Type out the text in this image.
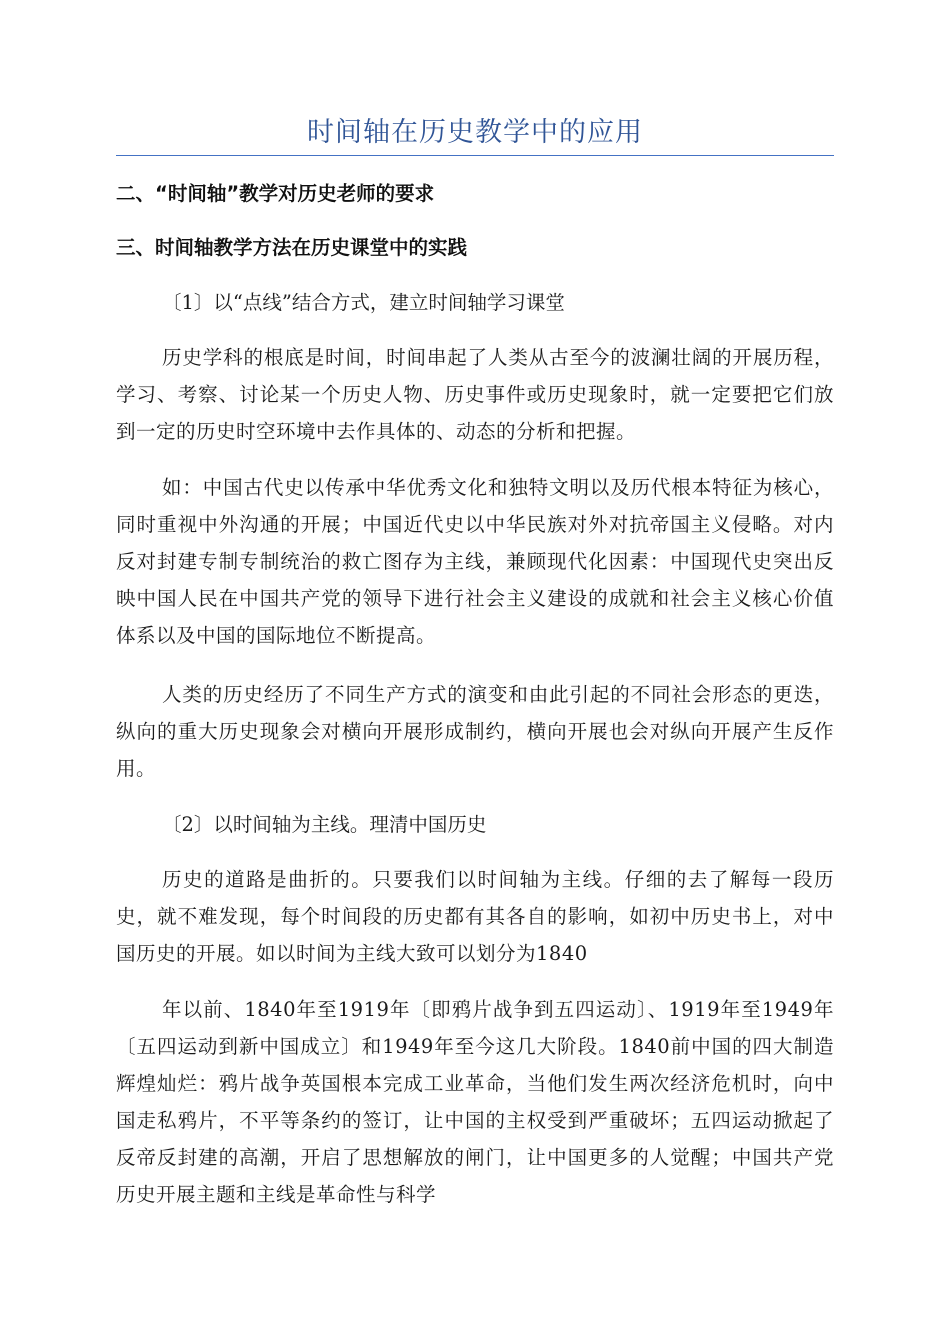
时间轴在历史教学中的应用
二、“时间轴”教学对历史老师的要求
三、时间轴教学方法在历史课堂中的实践

〔1〕以“点线”结合方式，建立时间轴学习课堂

历史学科的根底是时间，时间串起了人类从古至今的波澜壮阔的开展历程，学习、考察、讨论某一个历史人物、历史事件或历史现象时，就一定要把它们放到一定的历史时空环境中去作具体的、动态的分析和把握。

如：中国古代史以传承中华优秀文化和独特文明以及历代根本特征为核心，同时重视中外沟通的开展；中国近代史以中华民族对外对抗帝国主义侵略。对内反对封建专制专制统治的救亡图存为主线，兼顾现代化因素：中国现代史突出反映中国人民在中国共产党的领导下进行社会主义建设的成就和社会主义核心价值体系以及中国的国际地位不断提高。

人类的历史经历了不同生产方式的演变和由此引起的不同社会形态的更迭，纵向的重大历史现象会对横向开展形成制约，横向开展也会对纵向开展产生反作用。

〔2〕以时间轴为主线。理清中国历史

历史的道路是曲折的。只要我们以时间轴为主线。仔细的去了解每一段历史，就不难发现，每个时间段的历史都有其各自的影响，如初中历史书上，对中国历史的开展。如以时间为主线大致可以划分为1840

年以前、1840年至1919年〔即鸦片战争到五四运动〕、1919年至1949年〔五四运动到新中国成立〕和1949年至今这几大阶段。1840前中国的四大制造辉煌灿烂：鸦片战争英国根本完成工业革命，当他们发生两次经济危机时，向中国走私鸦片，不平等条约的签订，让中国的主权受到严重破坏；五四运动掀起了反帝反封建的高潮，开启了思想解放的闸门，让中国更多的人觉醒；中国共产党历史开展主题和主线是革命性与科学
